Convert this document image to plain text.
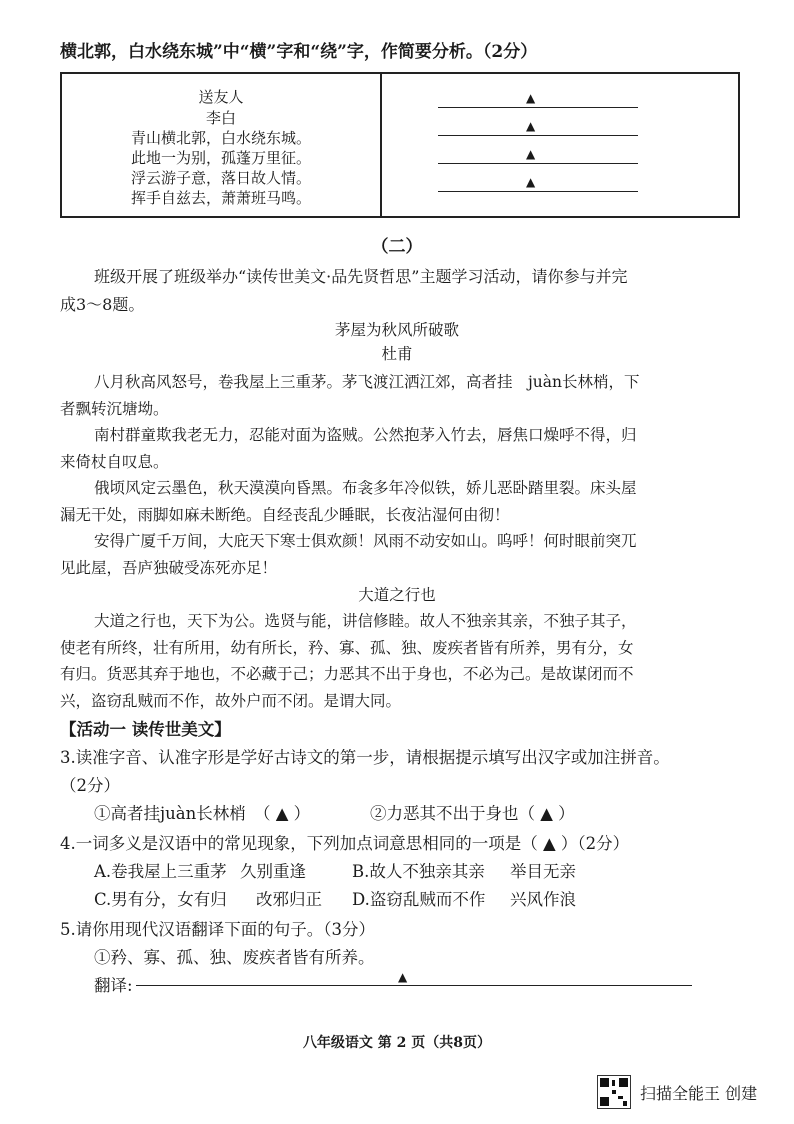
横北郭，白水绕东城”中“横”字和“绕”字，作简要分析。（2分）
送友人
李白
青山横北郭，白水绕东城。
此地一为别，孤蓬万里征。
浮云游子意，落日故人情。
挥手自兹去，萧萧班马鸣。
▲
▲
▲
▲
（二）
班级开展了班级举办“读传世美文·品先贤哲思”主题学习活动，请你参与并完
成3～8题。
茅屋为秋风所破歌
杜甫
八月秋高风怒号，卷我屋上三重茅。茅飞渡江洒江郊，高者挂　juàn长林梢，下
者飘转沉塘坳。
南村群童欺我老无力，忍能对面为盗贼。公然抱茅入竹去，唇焦口燥呼不得，归
来倚杖自叹息。
俄顷风定云墨色，秋天漠漠向昏黑。布衾多年冷似铁，娇儿恶卧踏里裂。床头屋
漏无干处，雨脚如麻未断绝。自经丧乱少睡眠，长夜沾湿何由彻！
安得广厦千万间，大庇天下寒士俱欢颜！风雨不动安如山。呜呼！何时眼前突兀
见此屋，吾庐独破受冻死亦足！
大道之行也
大道之行也，天下为公。选贤与能，讲信修睦。故人不独亲其亲，不独子其子，
使老有所终，壮有所用，幼有所长，矜、寡、孤、独、废疾者皆有所养，男有分，女
有归。货恶其弃于地也，不必藏于己；力恶其不出于身也，不必为己。是故谋闭而不
兴，盗窃乱贼而不作，故外户而不闭。是谓大同。
【活动一 读传世美文】
3.读准字音、认准字形是学好古诗文的第一步，请根据提示填写出汉字或加注拼音。
（2分）
①高者挂juàn长林梢　（ ▲ ）	②力恶其不出于身也（ ▲ ）
4.一词多义是汉语中的常见现象，下列加点词意思相同的一项是（ ▲ ）（2分）
A.卷我屋上三重茅 久别重逢	B.故人不独亲其亲 举目无亲
C.男有分，女有归 改邪归正 D.盗窃乱贼而不作 兴风作浪
5.请你用现代汉语翻译下面的句子。（3分）
①矜、寡、孤、独、废疾者皆有所养。
翻译:	▲
八年级语文 第 2 页（共8页）
扫描全能王 创建
